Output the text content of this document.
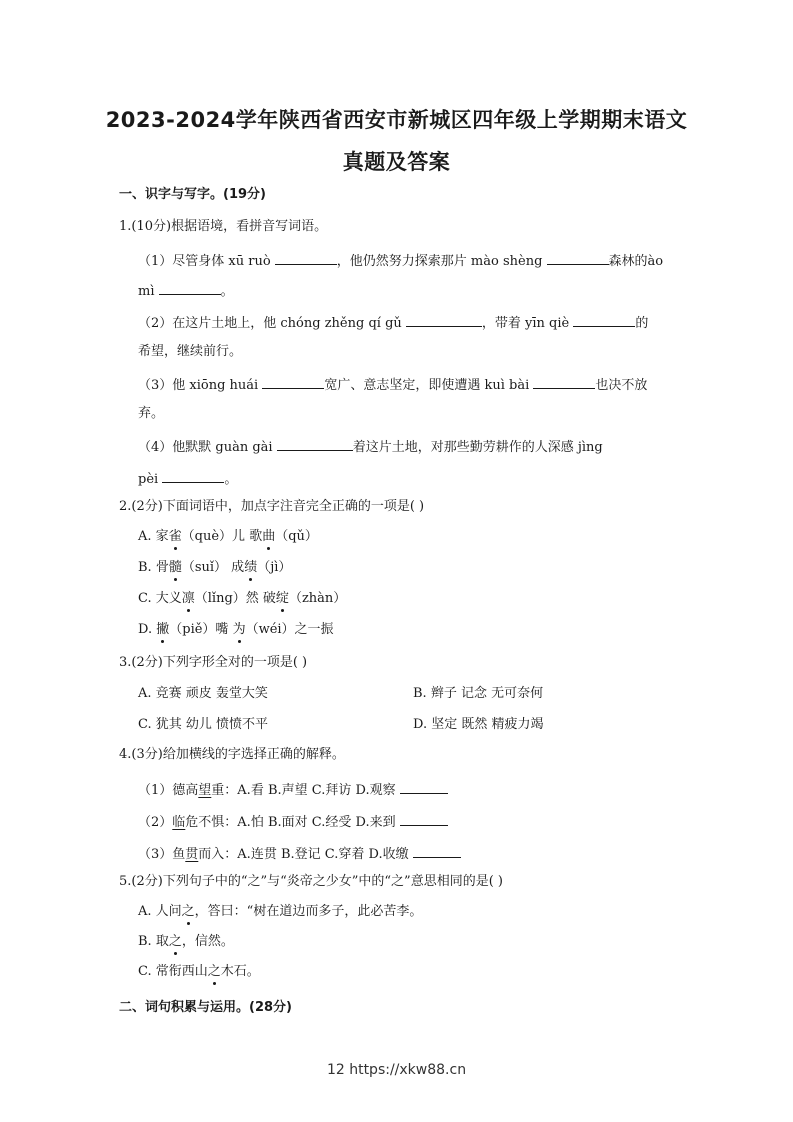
2023-2024学年陕西省西安市新城区四年级上学期期末语文
真题及答案
一、识字与写字。(19分)
1.(10分)根据语境，看拼音写词语。
（1）尽管身体 xū ruò	，他仍然努力探索那片 mào shèng	森林的ào
mì	。
（2）在这片土地上，他 chóng zhěng qí gǔ	，带着 yīn qiè	的
希望，继续前行。
（3）他 xiōng huái	宽广、意志坚定，即使遭遇 kuì bài	也决不放
弃。
（4）他默默 guàn gài	着这片土地，对那些勤劳耕作的人深感 jìng
pèi	。
2.(2分)下面词语中，加点字注音完全正确的一项是( )
A. 家雀（què）儿 歌曲（qǔ）
B. 骨髓（suǐ） 成绩（jì）
C. 大义凛（lǐng）然 破绽（zhàn）
D. 撇（piě）嘴 为（wéi）之一振
3.(2分)下列字形全对的一项是( )
A. 竞赛 顽皮 轰堂大笑	B. 辫子 记念 无可奈何
C. 犹其 幼儿 愤愤不平	D. 坚定 既然 精疲力竭
4.(3分)给加横线的字选择正确的解释。
（1）德高望重：A.看 B.声望 C.拜访 D.观察
（2）临危不惧：A.怕 B.面对 C.经受 D.来到
（3）鱼贯而入：A.连贯 B.登记 C.穿着 D.收缴
5.(2分)下列句子中的“之”与“炎帝之少女”中的“之”意思相同的是( )
A. 人问之，答曰：“树在道边而多子，此必苦李。
B. 取之，信然。
C. 常衔西山之木石。
二、词句积累与运用。(28分)
12 https://xkw88.cn
